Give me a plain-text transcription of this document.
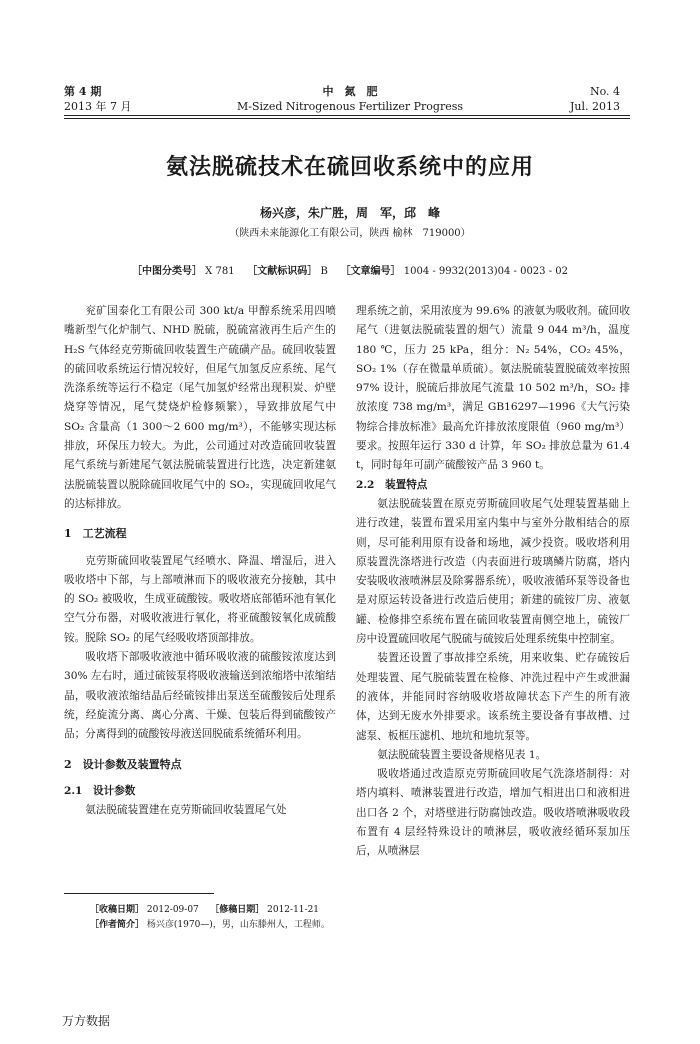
第 4 期
2013 年 7 月
中　氮　肥
M-Sized Nitrogenous Fertilizer Progress
No. 4
Jul. 2013
氨法脱硫技术在硫回收系统中的应用
杨兴彦，朱广胜，周　军，邱　峰
（陕西未来能源化工有限公司，陕西 榆林　719000）
［中图分类号］ X 781 ［文献标识码］ B ［文章编号］ 1004 - 9932(2013)04 - 0023 - 02

兖矿国泰化工有限公司 300 kt/a 甲醇系统采用四喷嘴新型气化炉制气、NHD 脱硫，脱硫富液再生后产生的 H₂S 气体经克劳斯硫回收装置生产硫磺产品。硫回收装置的硫回收系统运行情况较好，但尾气加氢反应系统、尾气洗涤系统等运行不稳定（尾气加氢炉经常出现积炭、炉壁烧穿等情况，尾气焚烧炉检修频繁），导致排放尾气中 SO₂ 含量高（1 300～2 600 mg/m³），不能够实现达标排放，环保压力较大。为此，公司通过对改造硫回收装置尾气系统与新建尾气氨法脱硫装置进行比选，决定新建氨法脱硫装置以脱除硫回收尾气中的 SO₂，实现硫回收尾气的达标排放。

1　工艺流程

克劳斯硫回收装置尾气经喷水、降温、增湿后，进入吸收塔中下部，与上部喷淋而下的吸收液充分接触，其中的 SO₂ 被吸收，生成亚硫酸铵。吸收塔底部循环池有氧化空气分布器，对吸收液进行氧化，将亚硫酸铵氧化成硫酸铵。脱除 SO₂ 的尾气经吸收塔顶部排放。

吸收塔下部吸收液池中循环吸收液的硫酸铵浓度达到 30% 左右时，通过硫铵泵将吸收液输送到浓缩塔中浓缩结晶，吸收液浓缩结晶后经硫铵排出泵送至硫酸铵后处理系统，经旋流分离、离心分离、干燥、包装后得到硫酸铵产品；分离得到的硫酸铵母液送回脱硫系统循环利用。

2　设计参数及装置特点
2.1　设计参数

氨法脱硫装置建在克劳斯硫回收装置尾气处

理系统之前，采用浓度为 99.6% 的液氨为吸收剂。硫回收尾气（进氨法脱硫装置的烟气）流量 9 044 m³/h，温度 180 ℃，压力 25 kPa，组分：N₂ 54%，CO₂ 45%，SO₂ 1%（存在微量单质硫）。氨法脱硫装置脱硫效率按照 97% 设计，脱硫后排放尾气流量 10 502 m³/h，SO₂ 排放浓度 738 mg/m³，满足 GB16297—1996《大气污染物综合排放标准》最高允许排放浓度限值（960 mg/m³）要求。按照年运行 330 d 计算，年 SO₂ 排放总量为 61.4 t，同时每年可副产硫酸铵产品 3 960 t。

2.2　装置特点

氨法脱硫装置在原克劳斯硫回收尾气处理装置基础上进行改建，装置布置采用室内集中与室外分散相结合的原则，尽可能利用原有设备和场地，减少投资。吸收塔利用原装置洗涤塔进行改造（内表面进行玻璃鳞片防腐，塔内安装吸收液喷淋层及除雾器系统），吸收液循环泵等设备也是对原运转设备进行改造后使用；新建的硫铵厂房、液氨罐、检修排空系统布置在硫回收装置南侧空地上，硫铵厂房中设置硫回收尾气脱硫与硫铵后处理系统集中控制室。

装置还设置了事故排空系统，用来收集、贮存硫铵后处理装置、尾气脱硫装置在检修、冲洗过程中产生或泄漏的液体，并能同时容纳吸收塔故障状态下产生的所有液体，达到无废水外排要求。该系统主要设备有事故槽、过滤泵、板框压滤机、地坑和地坑泵等。

氨法脱硫装置主要设备规格见表 1。

吸收塔通过改造原克劳斯硫回收尾气洗涤塔制得：对塔内填料、喷淋装置进行改造，增加气相进出口和液相进出口各 2 个，对塔壁进行防腐蚀改造。吸收塔喷淋吸收段布置有 4 层经特殊设计的喷淋层，吸收液经循环泵加压后，从喷淋层

［收稿日期］ 2012-09-07 ［修稿日期］ 2012-11-21
［作者简介］ 杨兴彦(1970—)，男，山东滕州人，工程师。
万方数据
